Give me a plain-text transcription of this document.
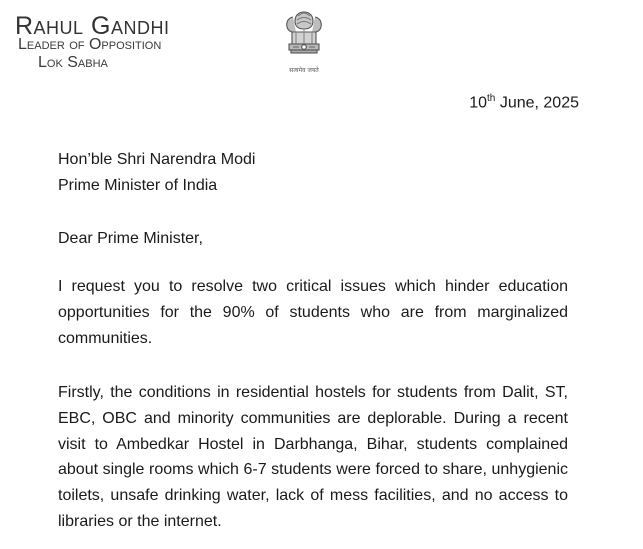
Rahul Gandhi
Leader of Opposition
Lok Sabha	सत्यमेव जयते
10th June, 2025
Hon’ble Shri Narendra Modi
Prime Minister of India
Dear Prime Minister,
I request you to resolve two critical issues which hinder education opportunities for the 90% of students who are from marginalized communities.
Firstly, the conditions in residential hostels for students from Dalit, ST, EBC, OBC and minority communities are deplorable. During a recent visit to Ambedkar Hostel in Darbhanga, Bihar, students complained about single rooms which 6-7 students were forced to share, unhygienic toilets, unsafe drinking water, lack of mess facilities, and no access to libraries or the internet.
